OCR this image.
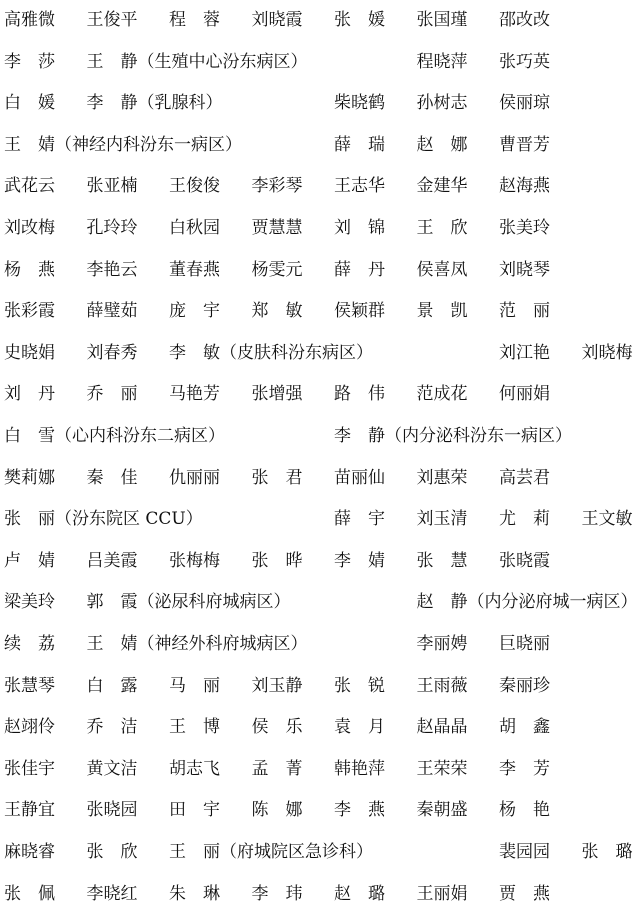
高雅微 王俊平 程　蓉 刘晓霞 张　媛 张国瑾 邵改改
李　莎 王　静（生殖中心汾东病区）	程晓萍 张巧英
白　媛 李　静（乳腺科）	柴晓鹤 孙树志 侯丽琼
王　婧（神经内科汾东一病区）	薛　瑞 赵　娜 曹晋芳
武花云 张亚楠 王俊俊 李彩琴 王志华 金建华 赵海燕
刘改梅 孔玲玲 白秋园 贾慧慧 刘　锦 王　欣 张美玲
杨　燕 李艳云 董春燕 杨雯元 薛　丹 侯喜凤 刘晓琴
张彩霞 薛璧茹 庞　宇 郑　敏 侯颖群 景　凯 范　丽
史晓娟 刘春秀 李　敏（皮肤科汾东病区）	刘江艳 刘晓梅
刘　丹 乔　丽 马艳芳 张增强 路　伟 范成花 何丽娟
白　雪（心内科汾东二病区）	李　静（内分泌科汾东一病区）
樊莉娜 秦　佳 仇丽丽 张　君 苗丽仙 刘惠荣 高芸君
张　丽（汾东院区 CCU）	薛　宇 刘玉清 尤　莉 王文敏
卢　婧 吕美霞 张梅梅 张　晔 李　婧 张　慧 张晓霞
梁美玲 郭　霞（泌尿科府城病区）	赵　静（内分泌府城一病区）
续　荔 王　婧（神经外科府城病区）	李丽娉 巨晓丽
张慧琴 白　露 马　丽 刘玉静 张　锐 王雨薇 秦丽珍
赵翊伶 乔　洁 王　博 侯　乐 袁　月 赵晶晶 胡　鑫
张佳宇 黄文洁 胡志飞 孟　菁 韩艳萍 王荣荣 李　芳
王静宜 张晓园 田　宇 陈　娜 李　燕 秦朝盛 杨　艳
麻晓睿 张　欣 王　丽（府城院区急诊科）	裴园园 张　璐
张　佩 李晓红 朱　琳 李　玮 赵　璐 王丽娟 贾　燕
